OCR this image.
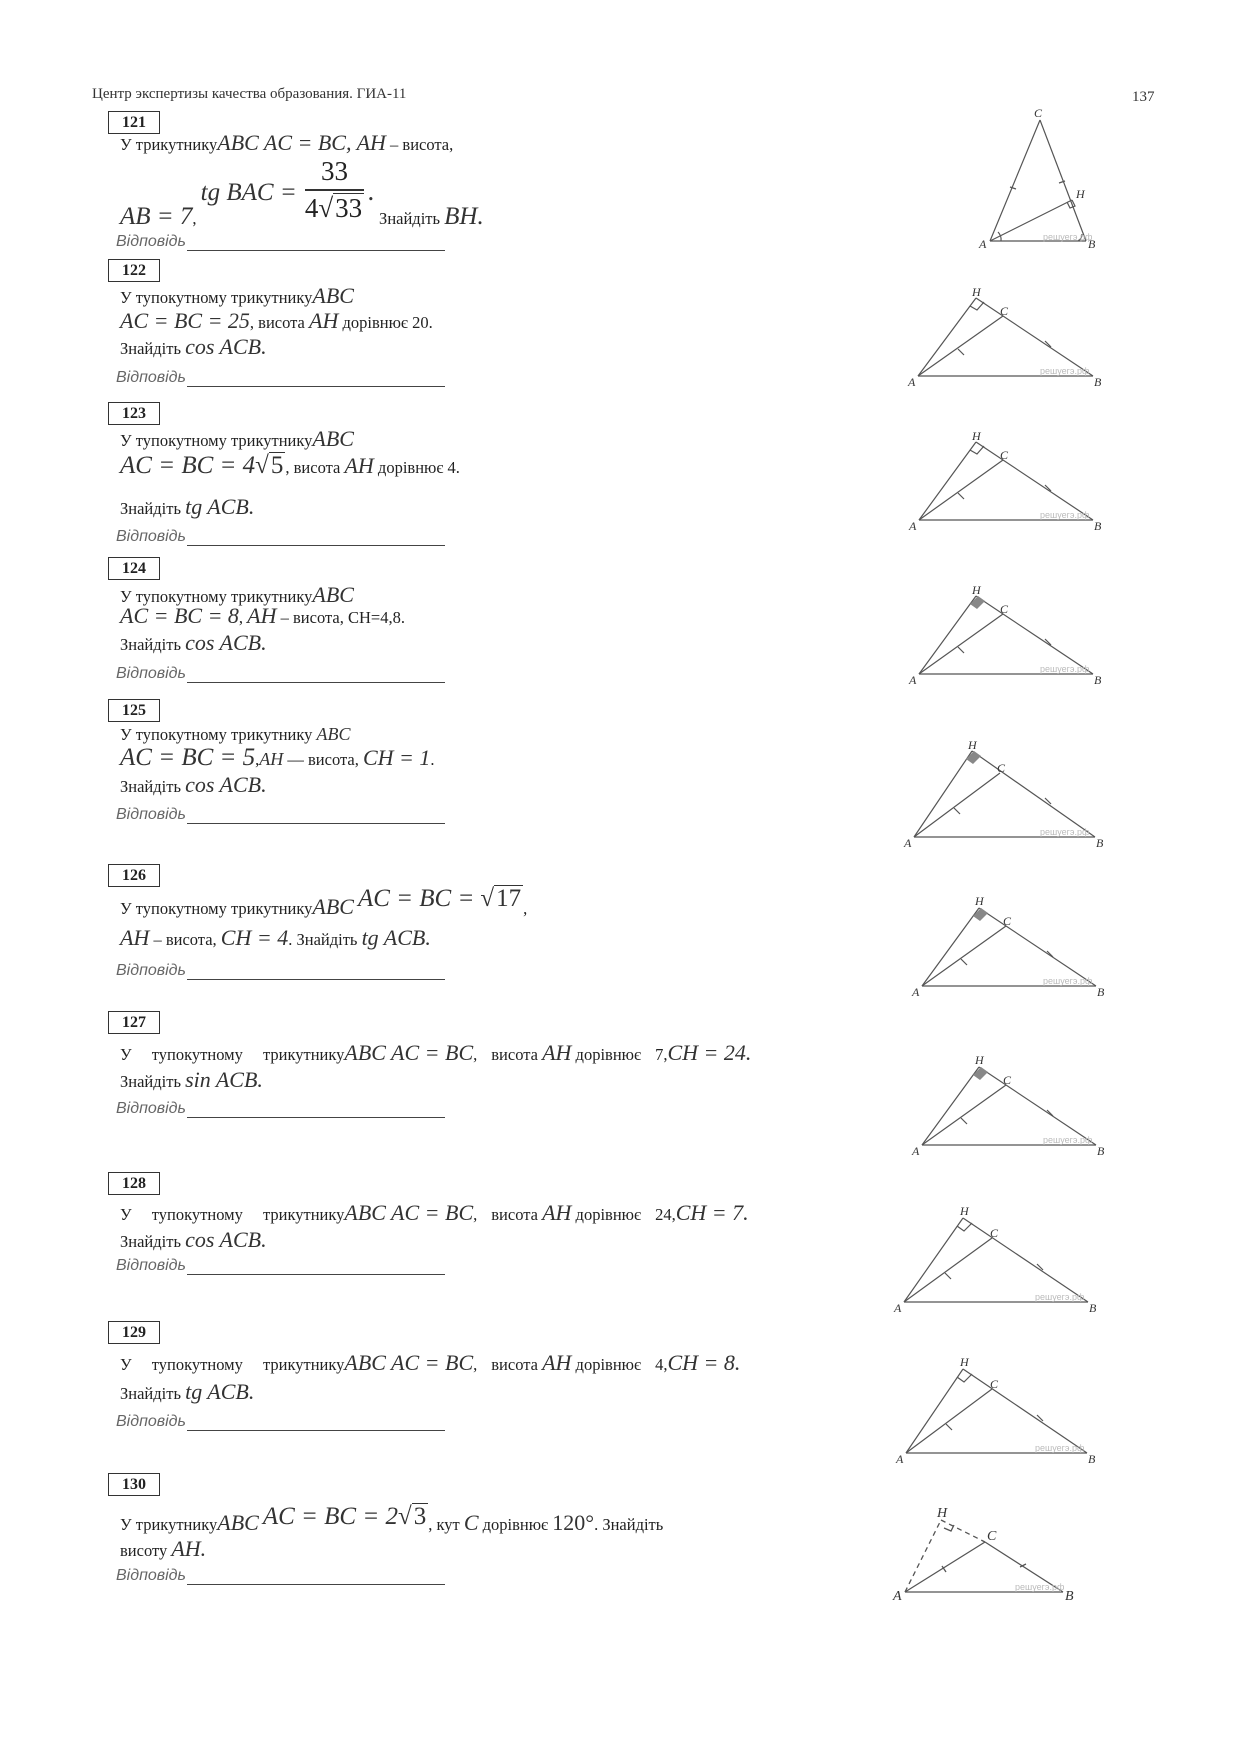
Центр экспертизы качества образования. ГИА-11	137
121
У трикутникуABC AC = BC, AH – висота,
AB = 7, tg BAC = $\frac{33}{4√33}$ . Знайдіть BH.
Відповідь
122
У тупокутному трикутникуABC
AC = BC = 25, висота AH дорівнює 20.
Знайдіть cos ACB.
Відповідь
123
У тупокутному трикутникуABC
AC = BC = 4√5 , висота AH дорівнює 4.
Знайдіть tg ACB.
Відповідь
124
У тупокутному трикутникуABC
AC = BC = 8, AH – висота, CH=4,8.
Знайдіть cos ACB.
Відповідь
125
У тупокутному трикутнику ABC
AC = BC = 5,AH — висота, CH = 1.
Знайдіть cos ACB.
Відповідь
126
У тупокутному трикутникуABC AC = BC = √17 ,
AH – висота, CH = 4. Знайдіть tg ACB.
Відповідь
127
У тупокутному трикутникуABC AC = BC, висота AH дорівнює 7,CH = 24.
Знайдіть sin ACB.
Відповідь
128
У тупокутному трикутникуABC AC = BC, висота AH дорівнює 24,CH = 7.
Знайдіть cos ACB.
Відповідь
129
У тупокутному трикутникуABC AC = BC, висота AH дорівнює 4,CH = 8.
Знайдіть tg ACB.
Відповідь
130
У трикутникуABC AC = BC = 2√3 , кут C дорівнює 120°. Знайдіть
висоту AH.
Відповідь
C
A	B
H
решуегэ.рф
H
C
A	B
решуегэ.рф
H
C
A	B
решуегэ.рф
H
C
A	B
решуегэ.рф
H
C
A	B
решуегэ.рф
H
C
A	B
решуегэ.рф
H
C
A	B
решуегэ.рф
H
C
A	B
решуегэ.рф
H
C
A	B
решуегэ.рф
H
C
A	B
решуегэ.рф
